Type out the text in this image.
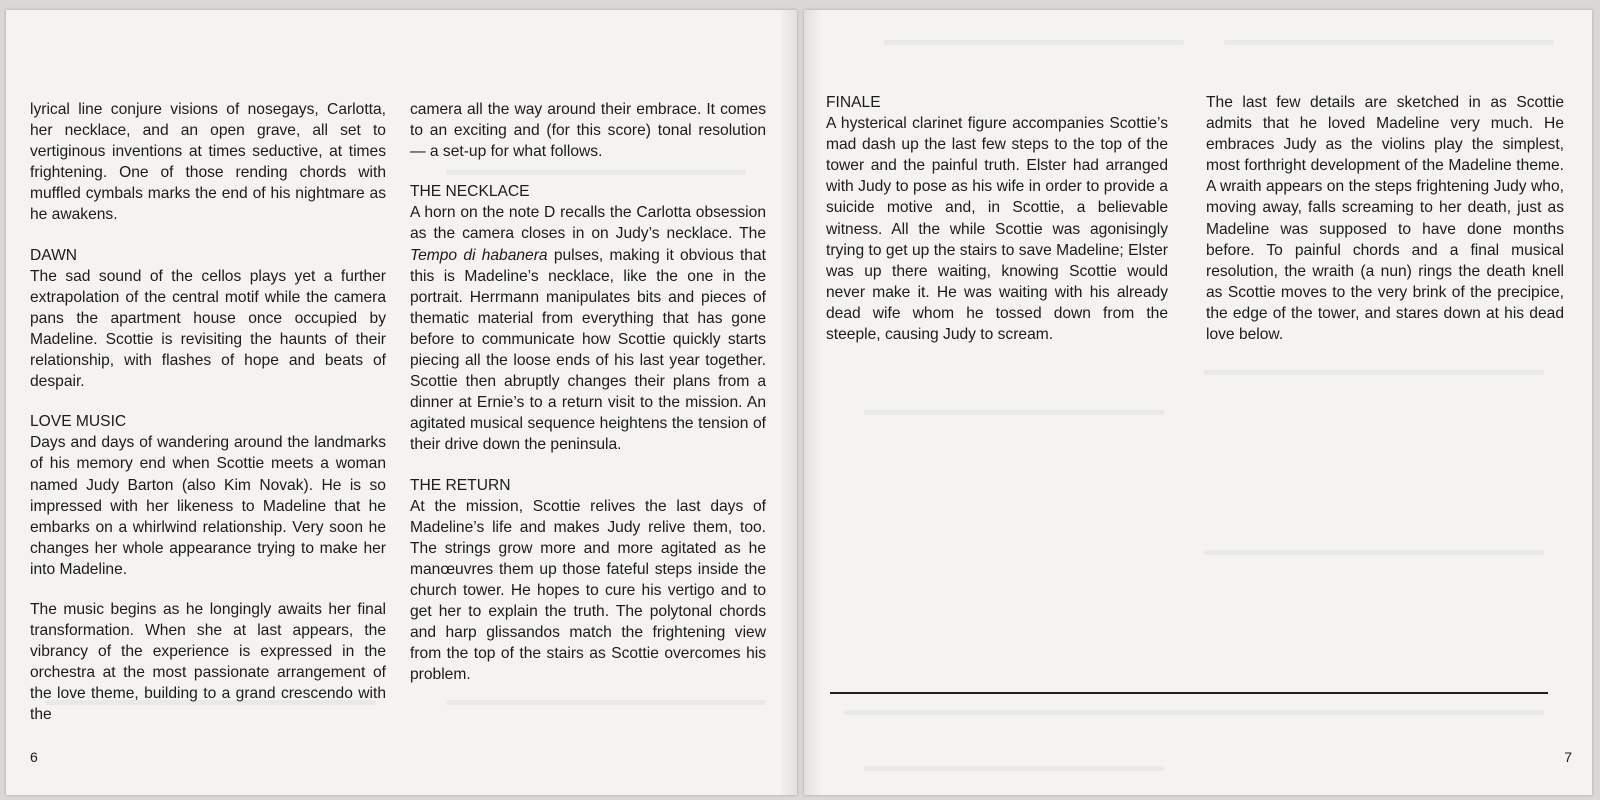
lyrical line conjure visions of nosegays, Carlotta, her necklace, and an open grave, all set to vertiginous inventions at times seductive, at times frightening. One of those rending chords with muffled cymbals marks the end of his nightmare as he awakens.

DAWN

The sad sound of the cellos plays yet a further extrapolation of the central motif while the camera pans the apartment house once occupied by Madeline. Scottie is revisiting the haunts of their relationship, with flashes of hope and beats of despair.

LOVE MUSIC

Days and days of wandering around the landmarks of his memory end when Scottie meets a woman named Judy Barton (also Kim Novak). He is so impressed with her likeness to Madeline that he embarks on a whirlwind relationship. Very soon he changes her whole appearance trying to make her into Madeline.

The music begins as he longingly awaits her final transformation. When she at last appears, the vibrancy of the experience is expressed in the orchestra at the most passionate arrangement of the love theme, building to a grand crescendo with the

camera all the way around their embrace. It comes to an exciting and (for this score) tonal resolution — a set-up for what follows.

THE NECKLACE

A horn on the note D recalls the Carlotta obsession as the camera closes in on Judy’s necklace. The Tempo di habanera pulses, making it obvious that this is Madeline’s necklace, like the one in the portrait. Herrmann manipulates bits and pieces of thematic material from everything that has gone before to communicate how Scottie quickly starts piecing all the loose ends of his last year together. Scottie then abruptly changes their plans from a dinner at Ernie’s to a return visit to the mission. An agitated musical sequence heightens the tension of their drive down the peninsula.

THE RETURN

At the mission, Scottie relives the last days of Madeline’s life and makes Judy relive them, too. The strings grow more and more agitated as he manœuvres them up those fateful steps inside the church tower. He hopes to cure his vertigo and to get her to explain the truth. The polytonal chords and harp glissandos match the frightening view from the top of the stairs as Scottie overcomes his problem.

6
FINALE

A hysterical clarinet figure accompanies Scottie’s mad dash up the last few steps to the top of the tower and the painful truth. Elster had arranged with Judy to pose as his wife in order to provide a suicide motive and, in Scottie, a believable witness. All the while Scottie was agonisingly trying to get up the stairs to save Madeline; Elster was up there waiting, knowing Scottie would never make it. He was waiting with his already dead wife whom he tossed down from the steeple, causing Judy to scream.

The last few details are sketched in as Scottie admits that he loved Madeline very much. He embraces Judy as the violins play the simplest, most forthright development of the Madeline theme. A wraith appears on the steps frightening Judy who, moving away, falls screaming to her death, just as Madeline was supposed to have done months before. To painful chords and a final musical resolution, the wraith (a nun) rings the death knell as Scottie moves to the very brink of the precipice, the edge of the tower, and stares down at his dead love below.

7
